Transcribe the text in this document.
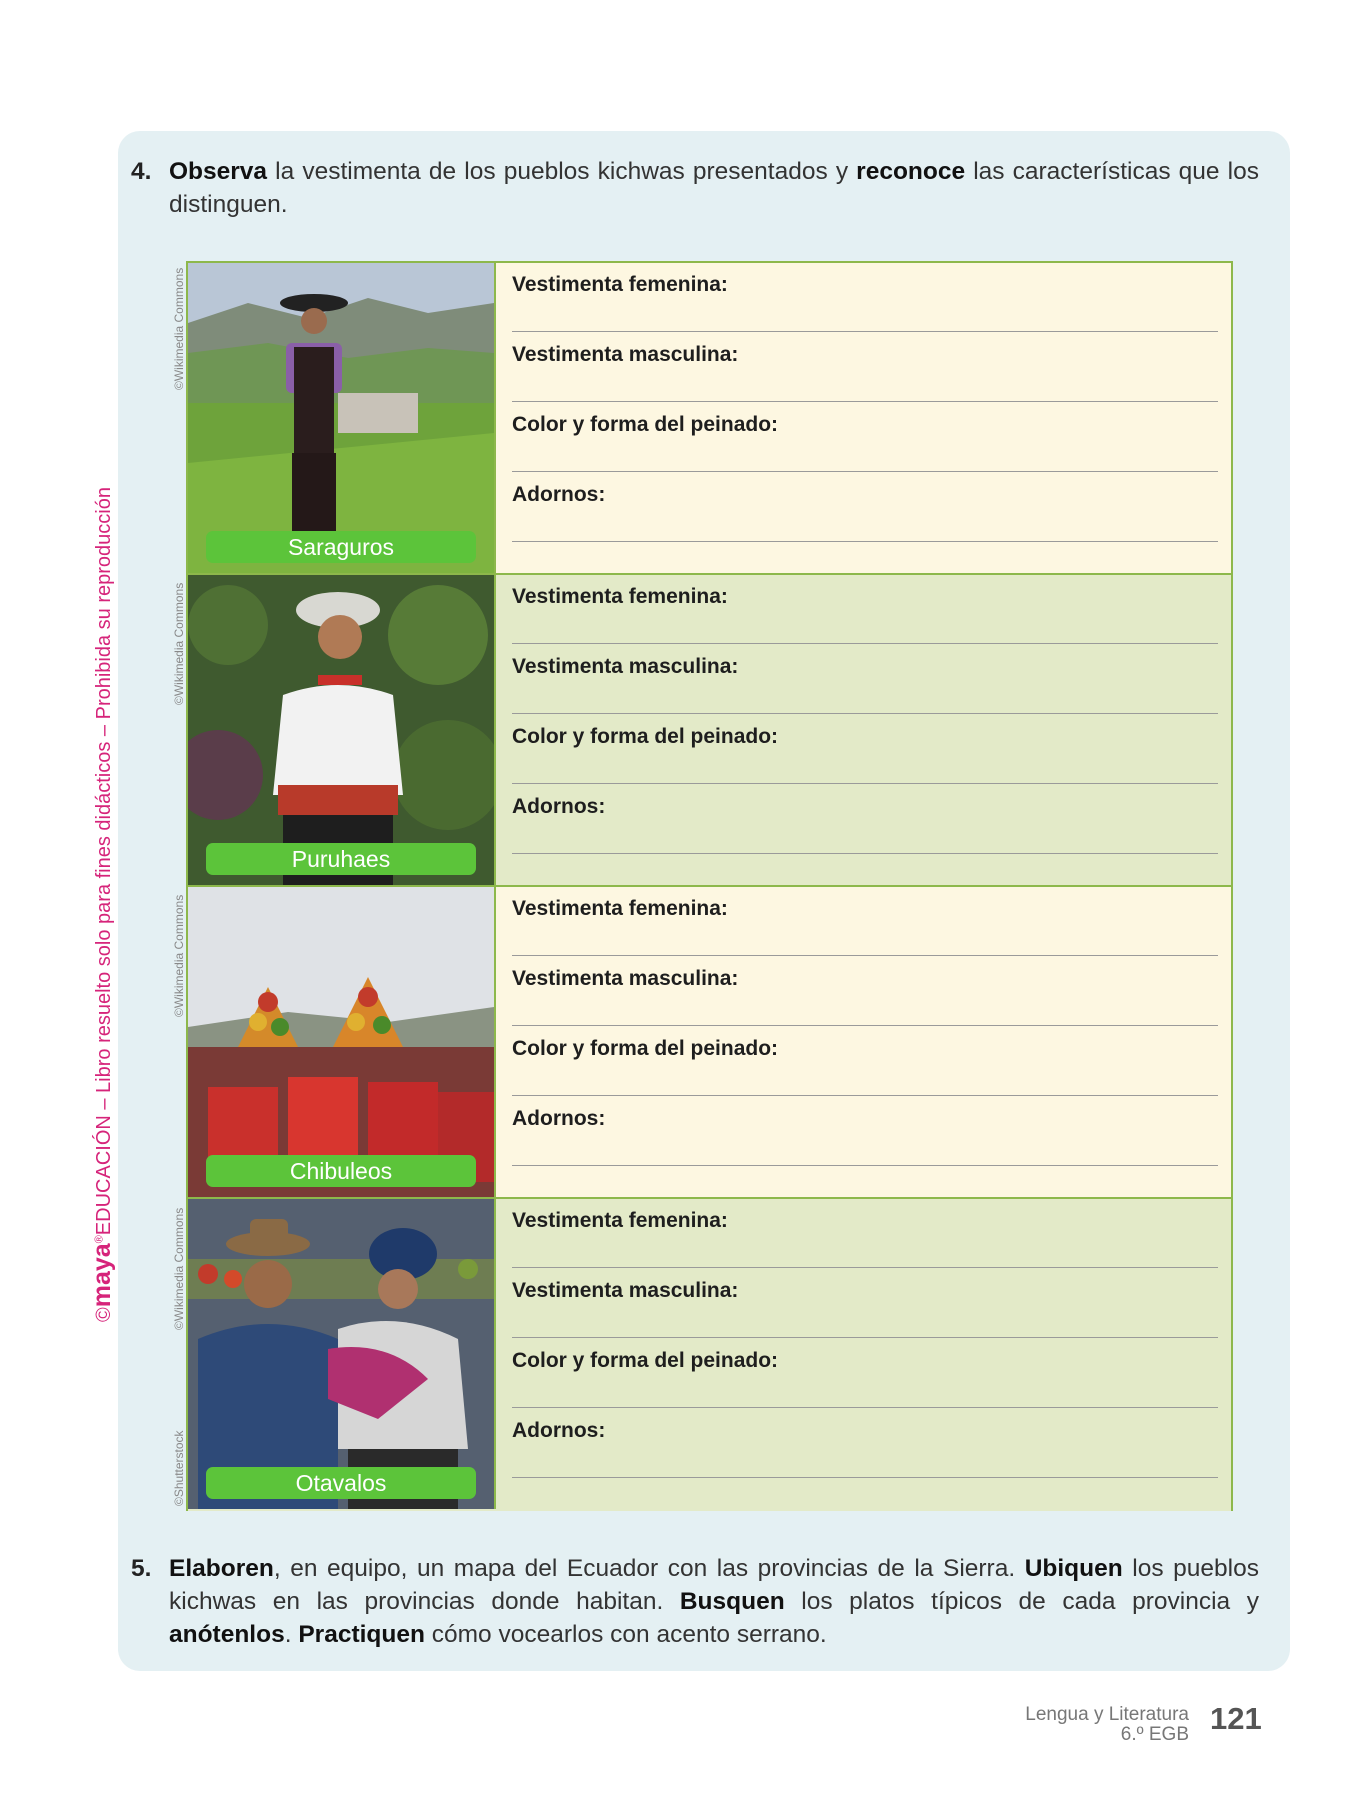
©maya®EDUCACIÓN – Libro resuelto solo para fines didácticos – Prohibida su reproducción
4. Observa la vestimenta de los pueblos kichwas presentados y reconoce las características que los distinguen.
©Wikimedia Commons
©Wikimedia Commons
©Wikimedia Commons
©Wikimedia Commons
©Shutterstock
Saraguros
Vestimenta femenina:
Vestimenta masculina:
Color y forma del peinado:
Adornos:
Puruhaes
Vestimenta femenina:
Vestimenta masculina:
Color y forma del peinado:
Adornos:
Chibuleos
Vestimenta femenina:
Vestimenta masculina:
Color y forma del peinado:
Adornos:
Otavalos
Vestimenta femenina:
Vestimenta masculina:
Color y forma del peinado:
Adornos:
5. Elaboren, en equipo, un mapa del Ecuador con las provincias de la Sierra. Ubiquen los pueblos kichwas en las provincias donde habitan. Busquen los platos típicos de cada provincia y anótenlos. Practiquen cómo vocearlos con acento serrano.
Lengua y Literatura
6.º EGB 121
